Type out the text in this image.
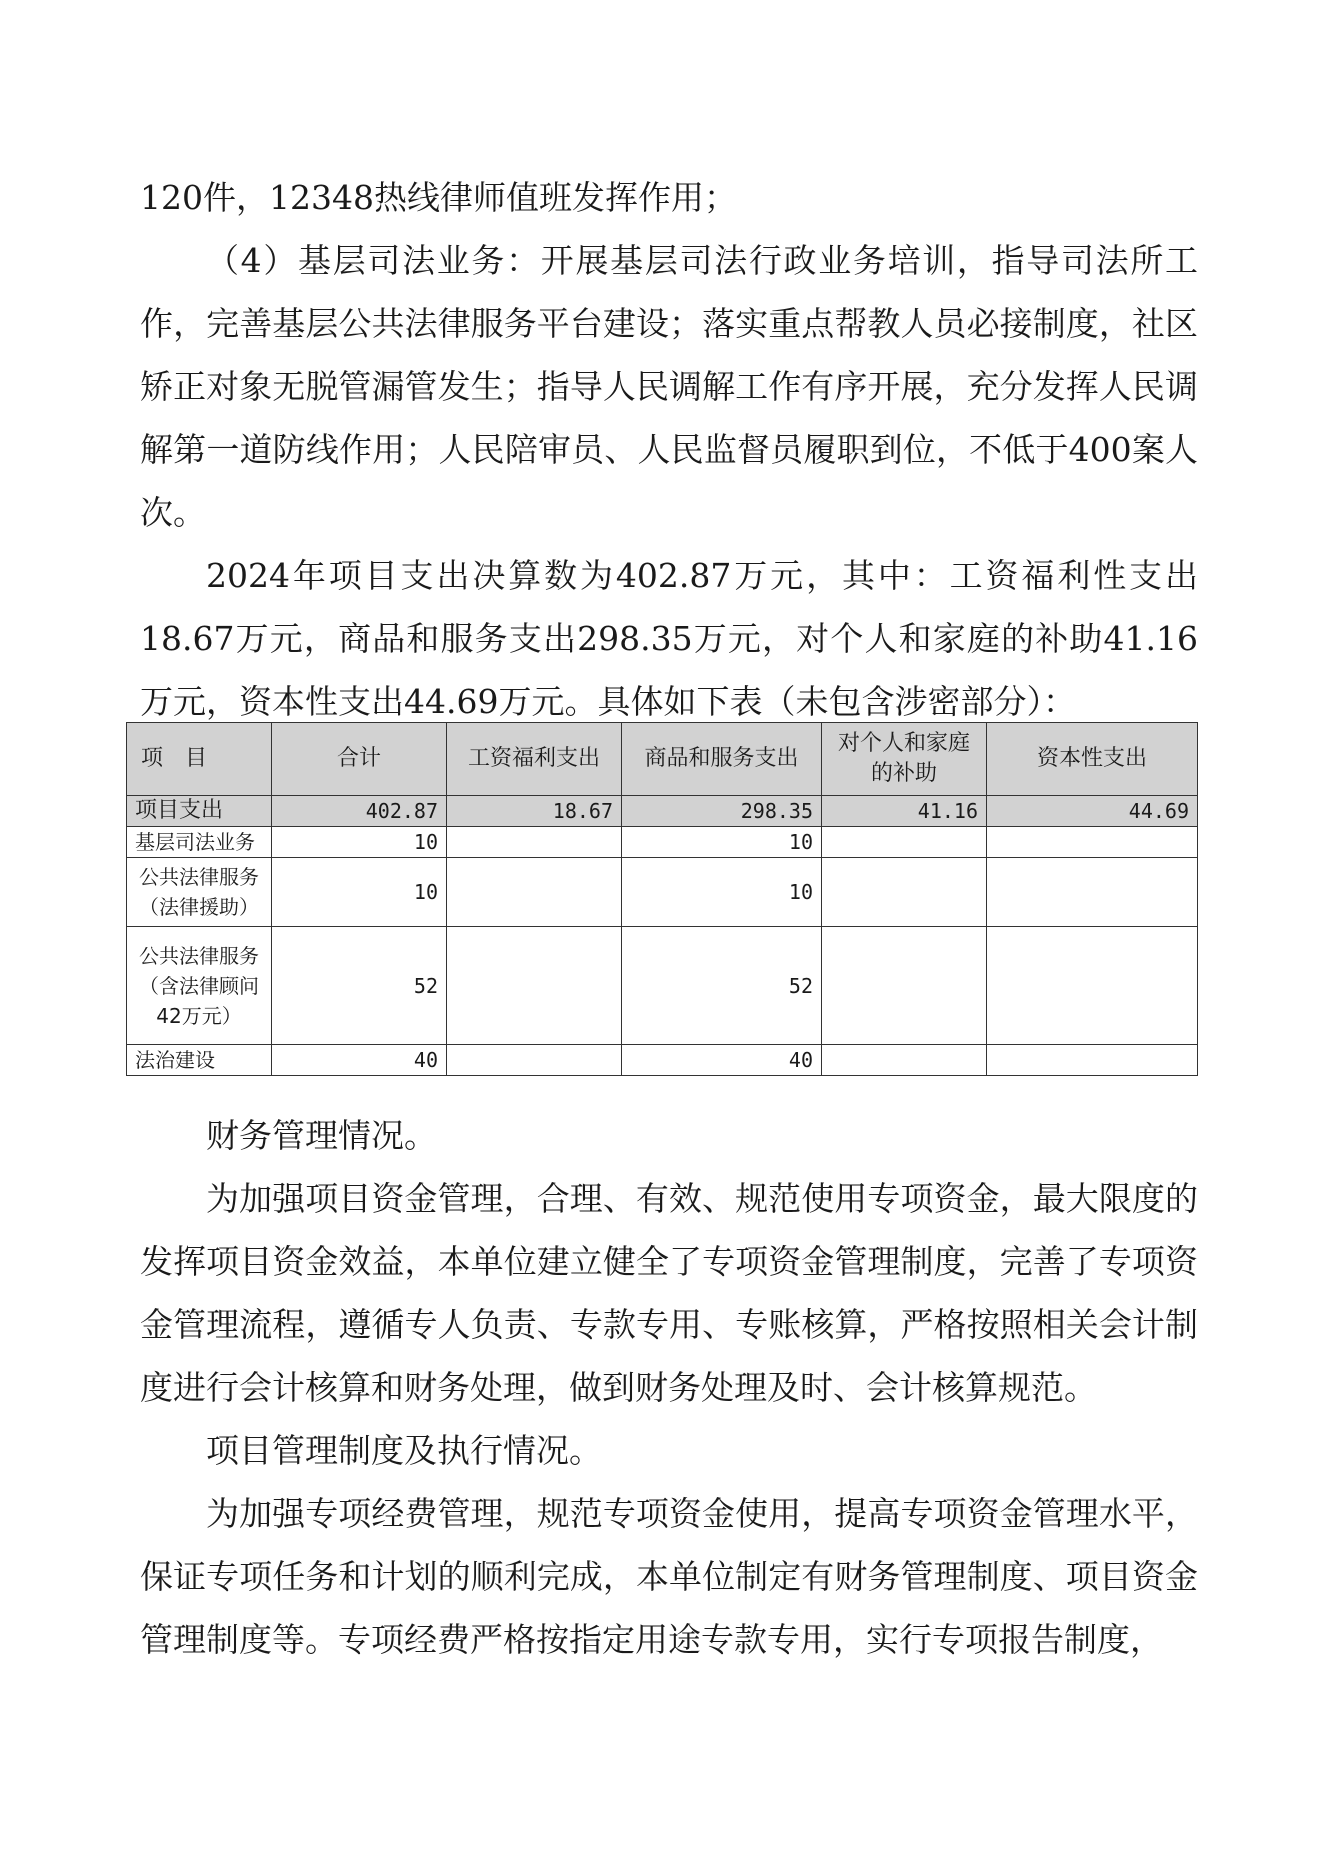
120件，12348热线律师值班发挥作用；

（4）基层司法业务：开展基层司法行政业务培训，指导司法所工作，完善基层公共法律服务平台建设；落实重点帮教人员必接制度，社区矫正对象无脱管漏管发生；指导人民调解工作有序开展，充分发挥人民调解第一道防线作用；人民陪审员、人民监督员履职到位，不低于400案人次。

2024年项目支出决算数为402.87万元，其中：工资福利性支出18.67万元，商品和服务支出298.35万元，对个人和家庭的补助41.16万元，资本性支出44.69万元。具体如下表（未包含涉密部分）：

项　目	合计	工资福利支出	商品和服务支出	对个人和家庭的补助	资本性支出
项目支出	402.87	18.67	298.35	41.16	44.69
基层司法业务	10		10		
公共法律服务（法律援助）	10		10		
公共法律服务（含法律顾问42万元）	52		52		
法治建设	40		40		

财务管理情况。

为加强项目资金管理，合理、有效、规范使用专项资金，最大限度的发挥项目资金效益，本单位建立健全了专项资金管理制度，完善了专项资金管理流程，遵循专人负责、专款专用、专账核算，严格按照相关会计制度进行会计核算和财务处理，做到财务处理及时、会计核算规范。

项目管理制度及执行情况。

为加强专项经费管理，规范专项资金使用，提高专项资金管理水平，保证专项任务和计划的顺利完成，本单位制定有财务管理制度、项目资金管理制度等。专项经费严格按指定用途专款专用，实行专项报告制度，
